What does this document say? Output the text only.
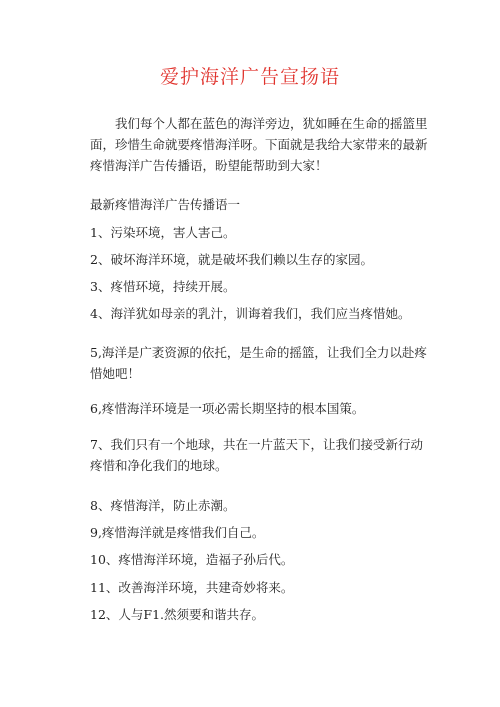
爱护海洋广告宣扬语

我们每个人都在蓝色的海洋旁边，犹如睡在生命的摇篮里面，珍惜生命就要疼惜海洋呀。下面就是我给大家带来的最新疼惜海洋广告传播语，盼望能帮助到大家！

最新疼惜海洋广告传播语一
1、污染环境，害人害己。
2、破坏海洋环境，就是破坏我们赖以生存的家园。
3、疼惜环境，持续开展。
4、海洋犹如母亲的乳汁，训诲着我们，我们应当疼惜她。
5,海洋是广袤资源的依托，是生命的摇篮，让我们全力以赴疼惜她吧！
6,疼惜海洋环境是一项必需长期坚持的根本国策。
7、我们只有一个地球，共在一片蓝天下，让我们接受新行动疼惜和净化我们的地球。
8、疼惜海洋，防止赤潮。
9,疼惜海洋就是疼惜我们自己。
10、疼惜海洋环境，造福子孙后代。
11、改善海洋环境，共建奇妙将来。
12、人与F1.然须要和谐共存。
